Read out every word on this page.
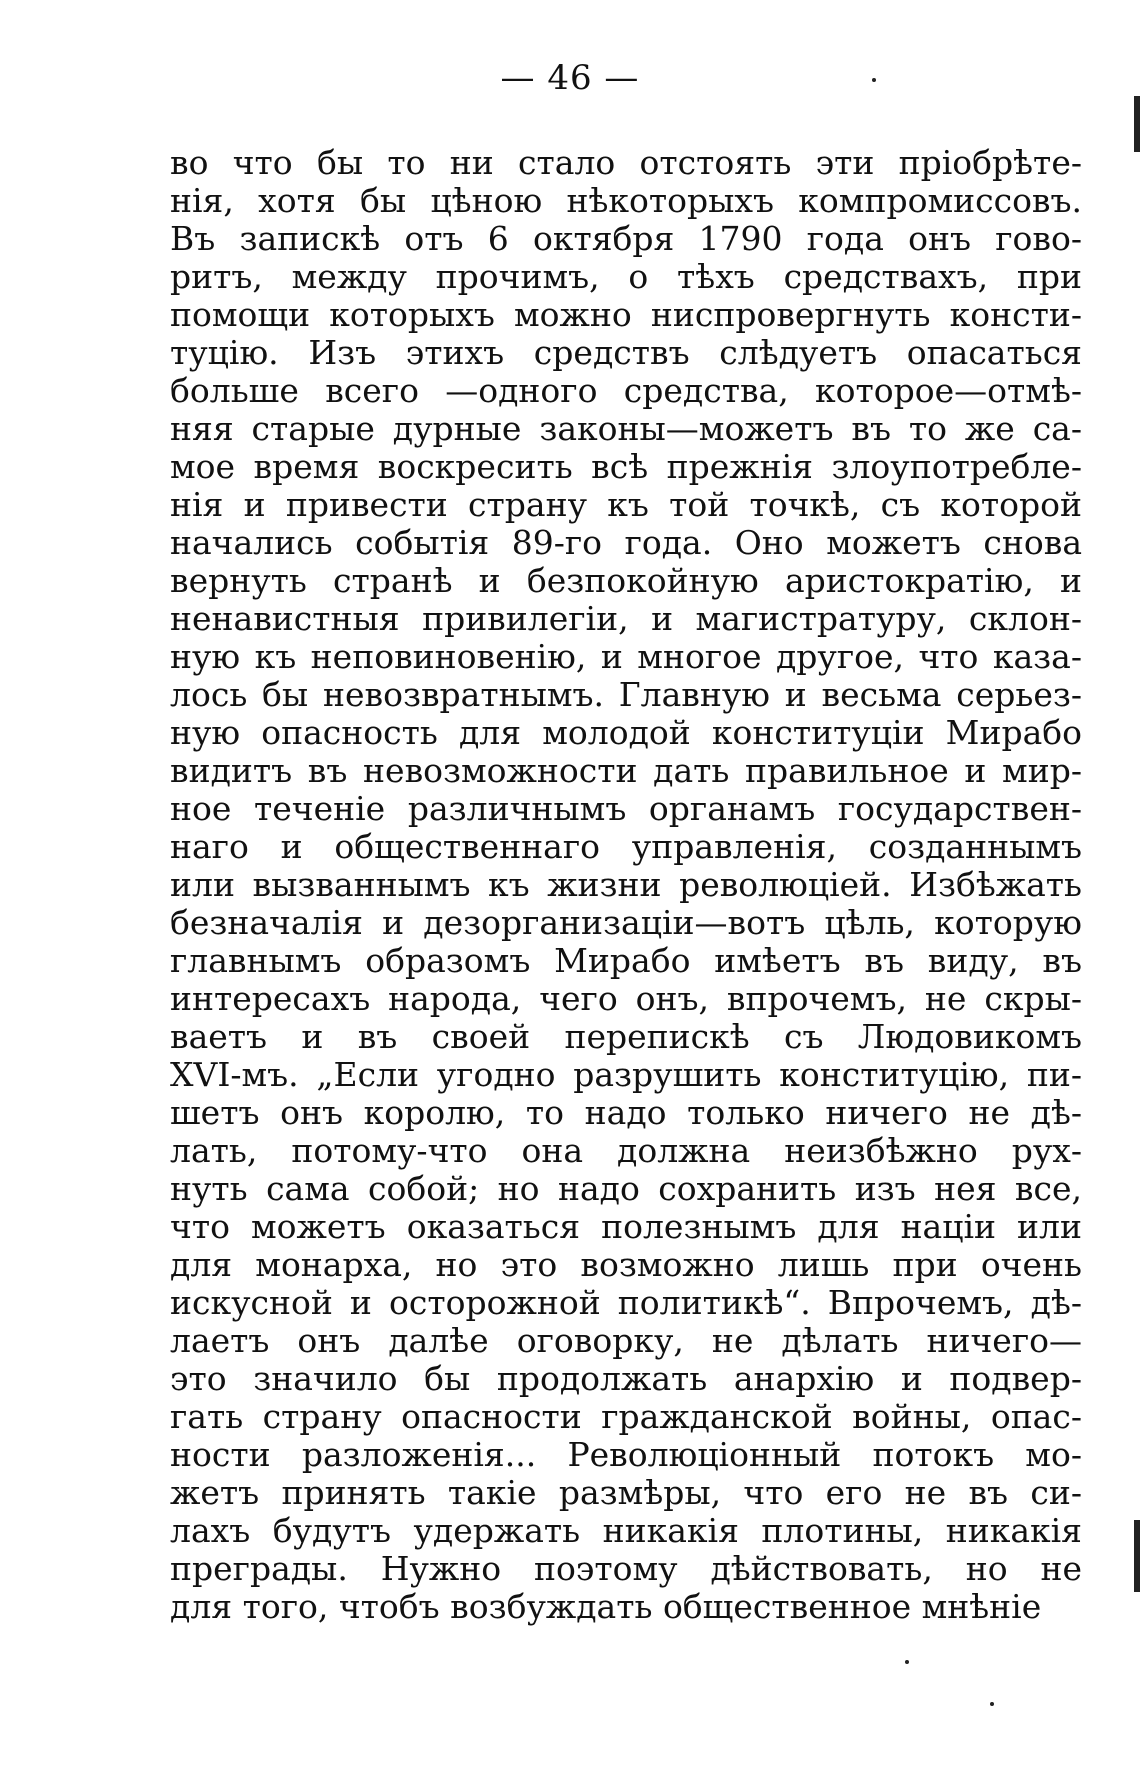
— 46 —
во что бы то ни стало отстоять эти пріобрѣте-
нія, хотя бы цѣною нѣкоторыхъ компромиссовъ.
Въ запискѣ отъ 6 октября 1790 года онъ гово-
ритъ, между прочимъ, о тѣхъ средствахъ, при
помощи которыхъ можно ниспровергнуть консти-
туцію. Изъ этихъ средствъ слѣдуетъ опасаться
больше всего —одного средства, которое—отмѣ-
няя старые дурные законы—можетъ въ то же са-
мое время воскресить всѣ прежнія злоупотребле-
нія и привести страну къ той точкѣ, съ которой
начались событія 89-го года. Оно можетъ снова
вернуть странѣ и безпокойную аристократію, и
ненавистныя привилегіи, и магистратуру, склон-
ную къ неповиновенію, и многое другое, что каза-
лось бы невозвратнымъ. Главную и весьма серьез-
ную опасность для молодой конституціи Мирабо
видитъ въ невозможности дать правильное и мир-
ное теченіе различнымъ органамъ государствен-
наго и общественнаго управленія, созданнымъ
или вызваннымъ къ жизни революціей. Избѣжать
безначалія и дезорганизаціи—вотъ цѣль, которую
главнымъ образомъ Мирабо имѣетъ въ виду, въ
интересахъ народа, чего онъ, впрочемъ, не скры-
ваетъ и въ своей перепискѣ съ Людовикомъ
XVI-мъ. „Если угодно разрушить конституцію, пи-
шетъ онъ королю, то надо только ничего не дѣ-
лать, потому-что она должна неизбѣжно рух-
нуть сама собой; но надо сохранить изъ нея все,
что можетъ оказаться полезнымъ для націи или
для монарха, но это возможно лишь при очень
искусной и осторожной политикѣ“. Впрочемъ, дѣ-
лаетъ онъ далѣе оговорку, не дѣлать ничего—
это значило бы продолжать анархію и подвер-
гать страну опасности гражданской войны, опас-
ности разложенія... Революціонный потокъ мо-
жетъ принять такіе размѣры, что его не въ си-
лахъ будутъ удержать никакія плотины, никакія
преграды. Нужно поэтому дѣйствовать, но не
для того, чтобъ возбуждать общественное мнѣніе
